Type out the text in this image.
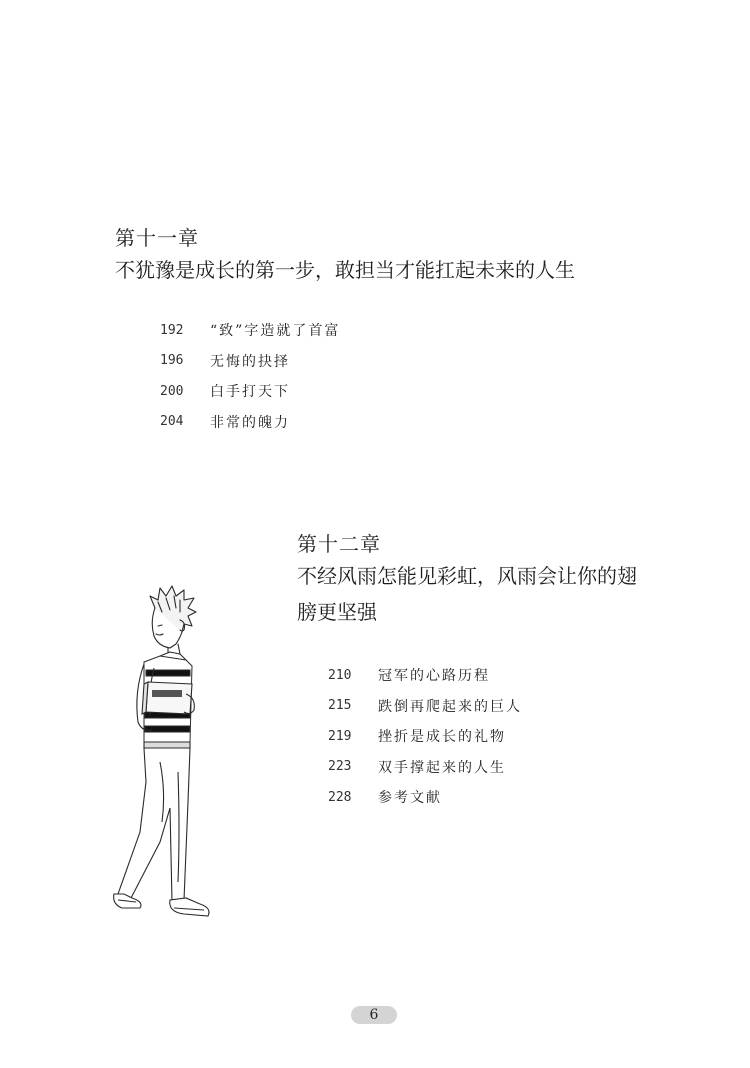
第十一章
不犹豫是成长的第一步，敢担当才能扛起未来的人生
192	“致”字造就了首富
196	无悔的抉择
200	白手打天下
204	非常的魄力
第十二章
不经风雨怎能见彩虹，风雨会让你的翅膀更坚强
210	冠军的心路历程
215	跌倒再爬起来的巨人
219	挫折是成长的礼物
223	双手撑起来的人生
228	参考文献
6
